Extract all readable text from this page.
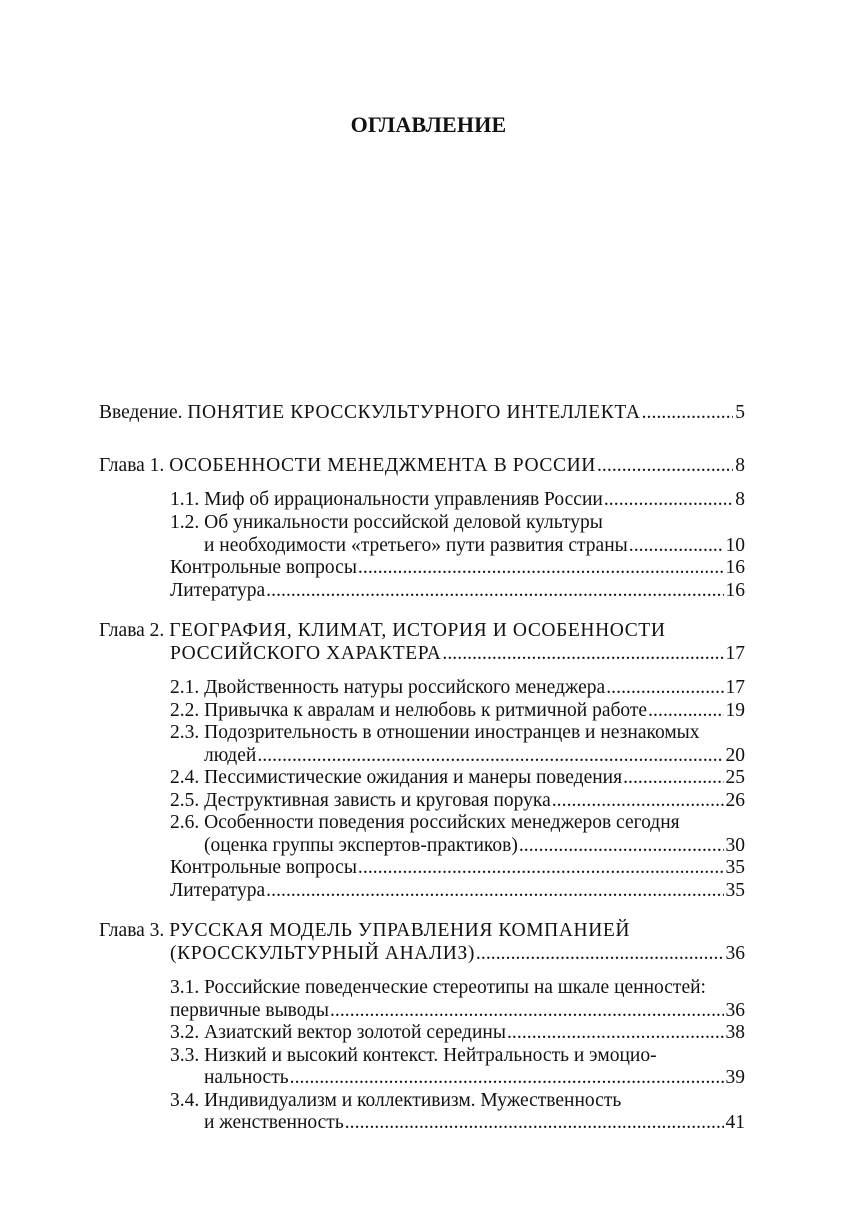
ОГЛАВЛЕНИЕ
Введение.
ПОНЯТИЕ КРОССКУЛЬТУРНОГО ИНТЕЛЛЕКТА . . .	5
Глава 1.
ОСОБЕННОСТИ МЕНЕДЖМЕНТА В РОССИИ . . .	8
1.1. Миф об иррациональности управленияв России . . .	8
1.2. Об уникальности российской деловой культуры
и необходимости «третьего» пути развития страны . . .	10
Контрольные вопросы . . .	16
Литература . . .	16
Глава 2.
ГЕОГРАФИЯ, КЛИМАТ, ИСТОРИЯ И ОСОБЕННОСТИ
РОССИЙСКОГО ХАРАКТЕРА . . .	17
2.1. Двойственность натуры российского менеджера . . .	17
2.2. Привычка к авралам и нелюбовь к ритмичной работе . . .	19
2.3. Подозрительность в отношении иностранцев и незнакомых
людей . . .	20
2.4. Пессимистические ожидания и манеры поведения . . .	25
2.5. Деструктивная зависть и круговая порука . . .	26
2.6. Особенности поведения российских менеджеров сегодня
(оценка группы экспертов-практиков) . . .	30
Контрольные вопросы . . .	35
Литература . . .	35
Глава 3.
РУССКАЯ МОДЕЛЬ УПРАВЛЕНИЯ КОМПАНИЕЙ
(КРОССКУЛЬТУРНЫЙ АНАЛИЗ) . . .	36
3.1. Российские поведенческие стереотипы на шкале ценностей:
первичные выводы . . .	36
3.2. Азиатский вектор золотой середины . . .	38
3.3. Низкий и высокий контекст. Нейтральность и эмоцио-
нальность . . .	39
3.4. Индивидуализм и коллективизм. Мужественность
и женственность . . .	41
